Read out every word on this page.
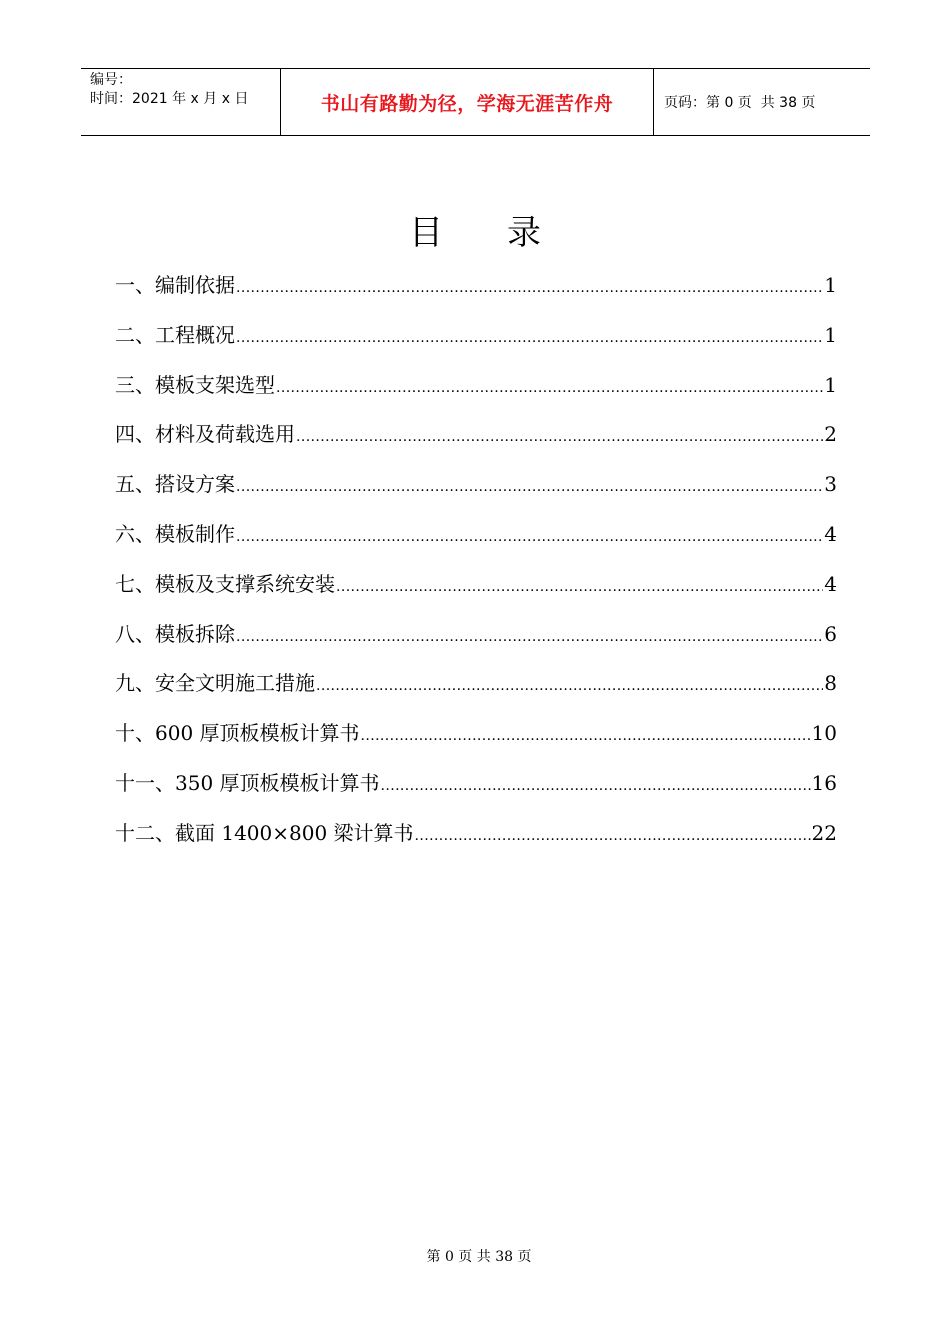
编号：
时间：2021 年 x 月 x 日	书山有路勤为径，学海无涯苦作舟	页码：第 0 页  共 38 页
目 录
一、编制依据 .....	1
二、工程概况 .....	1
三、模板支架选型 .....	1
四、材料及荷载选用 .....	2
五、搭设方案 .....	3
六、模板制作 .....	4
七、模板及支撑系统安装 .....	4
八、模板拆除 .....	6
九、安全文明施工措施 .....	8
十、600 厚顶板模板计算书 .....	10
十一、350 厚顶板模板计算书 .....	16
十二、截面 1400×800 梁计算书 .....	22
第 0 页 共 38 页
